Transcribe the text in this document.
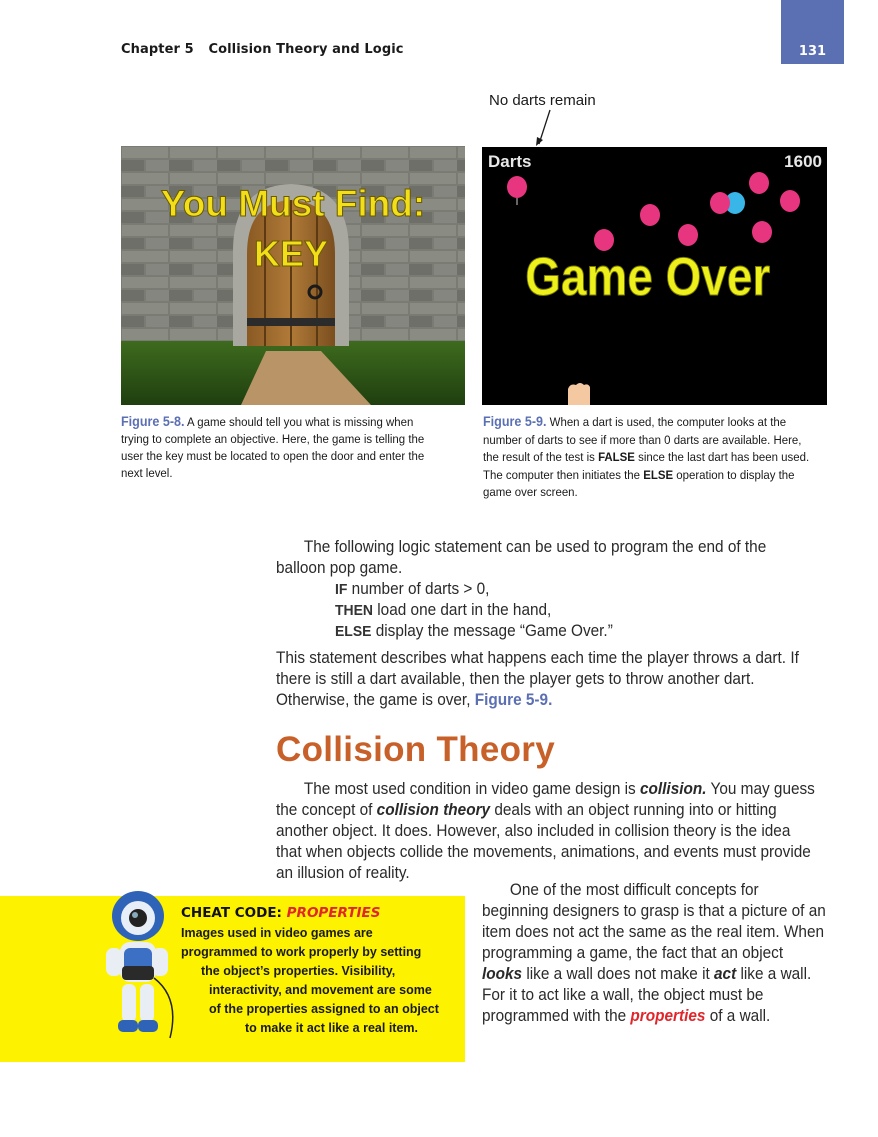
Chapter 5 Collision Theory and Logic	131
You Must Find:
KEY
Figure 5-8. A game should tell you what is missing when trying to complete an objective. Here, the game is telling the user the key must be located to open the door and enter the next level.
No darts remain
Darts	1600
Game Over
Figure 5-9. When a dart is used, the computer looks at the number of darts to see if more than 0 darts are available. Here, the result of the test is FALSE since the last dart has been used. The computer then initiates the ELSE operation to display the game over screen.
The following logic statement can be used to program the end of the balloon pop game.
IF number of darts > 0,
THEN load one dart in the hand,
ELSE display the message “Game Over.”
This statement describes what happens each time the player throws a dart. If there is still a dart available, then the player gets to throw another dart. Otherwise, the game is over, Figure 5-9.
Collision Theory
The most used condition in video game design is collision. You may guess the concept of collision theory deals with an object running into or hitting another object. It does. However, also included in collision theory is the idea that when objects collide the movements, animations, and events must provide an illusion of reality.
One of the most difficult concepts for beginning designers to grasp is that a picture of an item does not act the same as the real item. When programming a game, the fact that an object looks like a wall does not make it act like a wall. For it to act like a wall, the object must be programmed with the properties of a wall.
CHEAT CODE: PROPERTIES
Images used in video games are
programmed to work properly by setting
the object’s properties. Visibility,
interactivity, and movement are some
of the properties assigned to an object
to make it act like a real item.
